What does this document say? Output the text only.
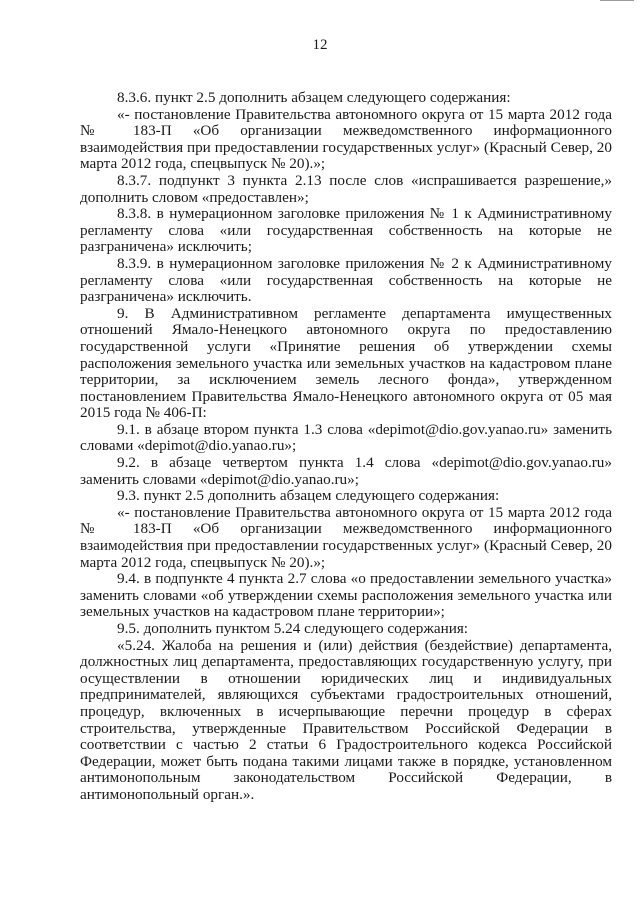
12

8.3.6. пункт 2.5 дополнить абзацем следующего содержания:

«- постановление Правительства автономного округа от 15 марта 2012 года № 183-П «Об организации межведомственного информационного взаимодействия при предоставлении государственных услуг» (Красный Север, 20 марта 2012 года, спецвыпуск № 20).»;

8.3.7. подпункт 3 пункта 2.13 после слов «испрашивается разрешение,» дополнить словом «предоставлен»;

8.3.8. в нумерационном заголовке приложения № 1 к Административному регламенту слова «или государственная собственность на которые не разграничена» исключить;

8.3.9. в нумерационном заголовке приложения № 2 к Административному регламенту слова «или государственная собственность на которые не разграничена» исключить.

9. В Административном регламенте департамента имущественных отношений Ямало-Ненецкого автономного округа по предоставлению государственной услуги «Принятие решения об утверждении схемы расположения земельного участка или земельных участков на кадастровом плане территории, за исключением земель лесного фонда», утвержденном постановлением Правительства Ямало-Ненецкого автономного округа от 05 мая 2015 года № 406-П:

9.1. в абзаце втором пункта 1.3 слова «depimot@dio.gov.yanao.ru» заменить словами «depimot@dio.yanao.ru»;

9.2. в абзаце четвертом пункта 1.4 слова «depimot@dio.gov.yanao.ru» заменить словами «depimot@dio.yanao.ru»;

9.3. пункт 2.5 дополнить абзацем следующего содержания:

«- постановление Правительства автономного округа от 15 марта 2012 года № 183-П «Об организации межведомственного информационного взаимодействия при предоставлении государственных услуг» (Красный Север, 20 марта 2012 года, спецвыпуск № 20).»;

9.4. в подпункте 4 пункта 2.7 слова «о предоставлении земельного участка» заменить словами «об утверждении схемы расположения земельного участка или земельных участков на кадастровом плане территории»;

9.5. дополнить пунктом 5.24 следующего содержания:

«5.24. Жалоба на решения и (или) действия (бездействие) департамента, должностных лиц департамента, предоставляющих государственную услугу, при осуществлении в отношении юридических лиц и индивидуальных предпринимателей, являющихся субъектами градостроительных отношений, процедур, включенных в исчерпывающие перечни процедур в сферах строительства, утвержденные Правительством Российской Федерации в соответствии с частью 2 статьи 6 Градостроительного кодекса Российской Федерации, может быть подана такими лицами также в порядке, установленном антимонопольным законодательством Российской Федерации, в антимонопольный орган.».
